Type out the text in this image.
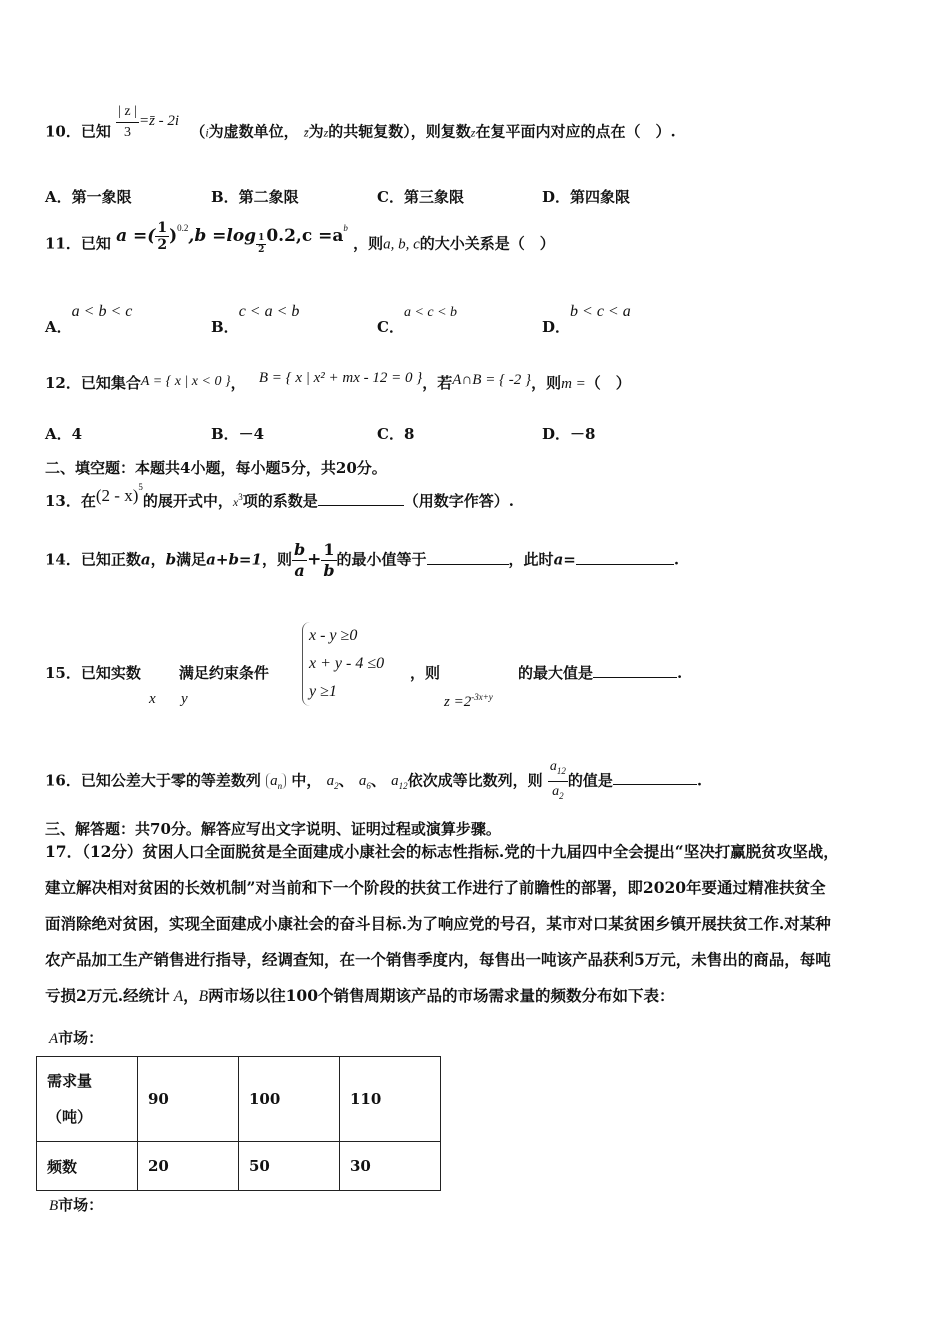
10．已知 $\frac{| z |}{3}$ =z̄ - 2i （i为虚数单位， z̄为z的共轭复数），则复数z在复平面内对应的点在（　）.
A．第一象限	B．第二象限	C．第三象限	D．第四象限
11．已知 a =( $\frac{1}{2} )^{0.2},b =\log \frac{1}{2} 0.2,c =a^b$ ，则a, b, c的大小关系是（　）
A．a < b < c
B．c < a < b
C．a < c < b
D．b < c < a
12．已知集合A = { x | x < 0 }， B = { x | x² + mx - 12 = 0 }，若A∩B = { -2 }，则m =（　）
A．4	B．－4	C．8	D．－8
二、填空题：本题共4小题，每小题5分，共20分。
13．在(2 - x)$^5$的展开式中，$x^3$项的系数是	（用数字作答）.
14．已知正数a，b满足a+b=1，则 $\frac{b}{a} + \frac{1}{b}$ 的最小值等于	，此时a=	.
15．已知实数	满足约束条件
x - y ≥0
x + y - 4 ≤0
y ≥1
，则	的最大值是	.
x y	$z =2^{-3x+y}$
16．已知公差大于零的等差数列 $a_n$ 中， $a_2$、 $a_6$、 $a_{12}$依次成等比数列，则 $\frac{a_{12}}{a_2}$ 的值是	.
三、解答题：共70分。解答应写出文字说明、证明过程或演算步骤。
17．（12分）贫困人口全面脱贫是全面建成小康社会的标志性指标.党的十九届四中全会提出“坚决打赢脱贫攻坚战，
建立解决相对贫困的长效机制”对当前和下一个阶段的扶贫工作进行了前瞻性的部署，即2020年要通过精准扶贫全
面消除绝对贫困，实现全面建成小康社会的奋斗目标.为了响应党的号召，某市对口某贫困乡镇开展扶贫工作.对某种
农产品加工生产销售进行指导，经调查知，在一个销售季度内，每售出一吨该产品获利5万元，未售出的商品，每吨
亏损2万元.经统计 A，B两市场以往100个销售周期该产品的市场需求量的频数分布如下表：
A市场：
需求量
（吨）	90	100	110
频数	20	50	30
B市场：
